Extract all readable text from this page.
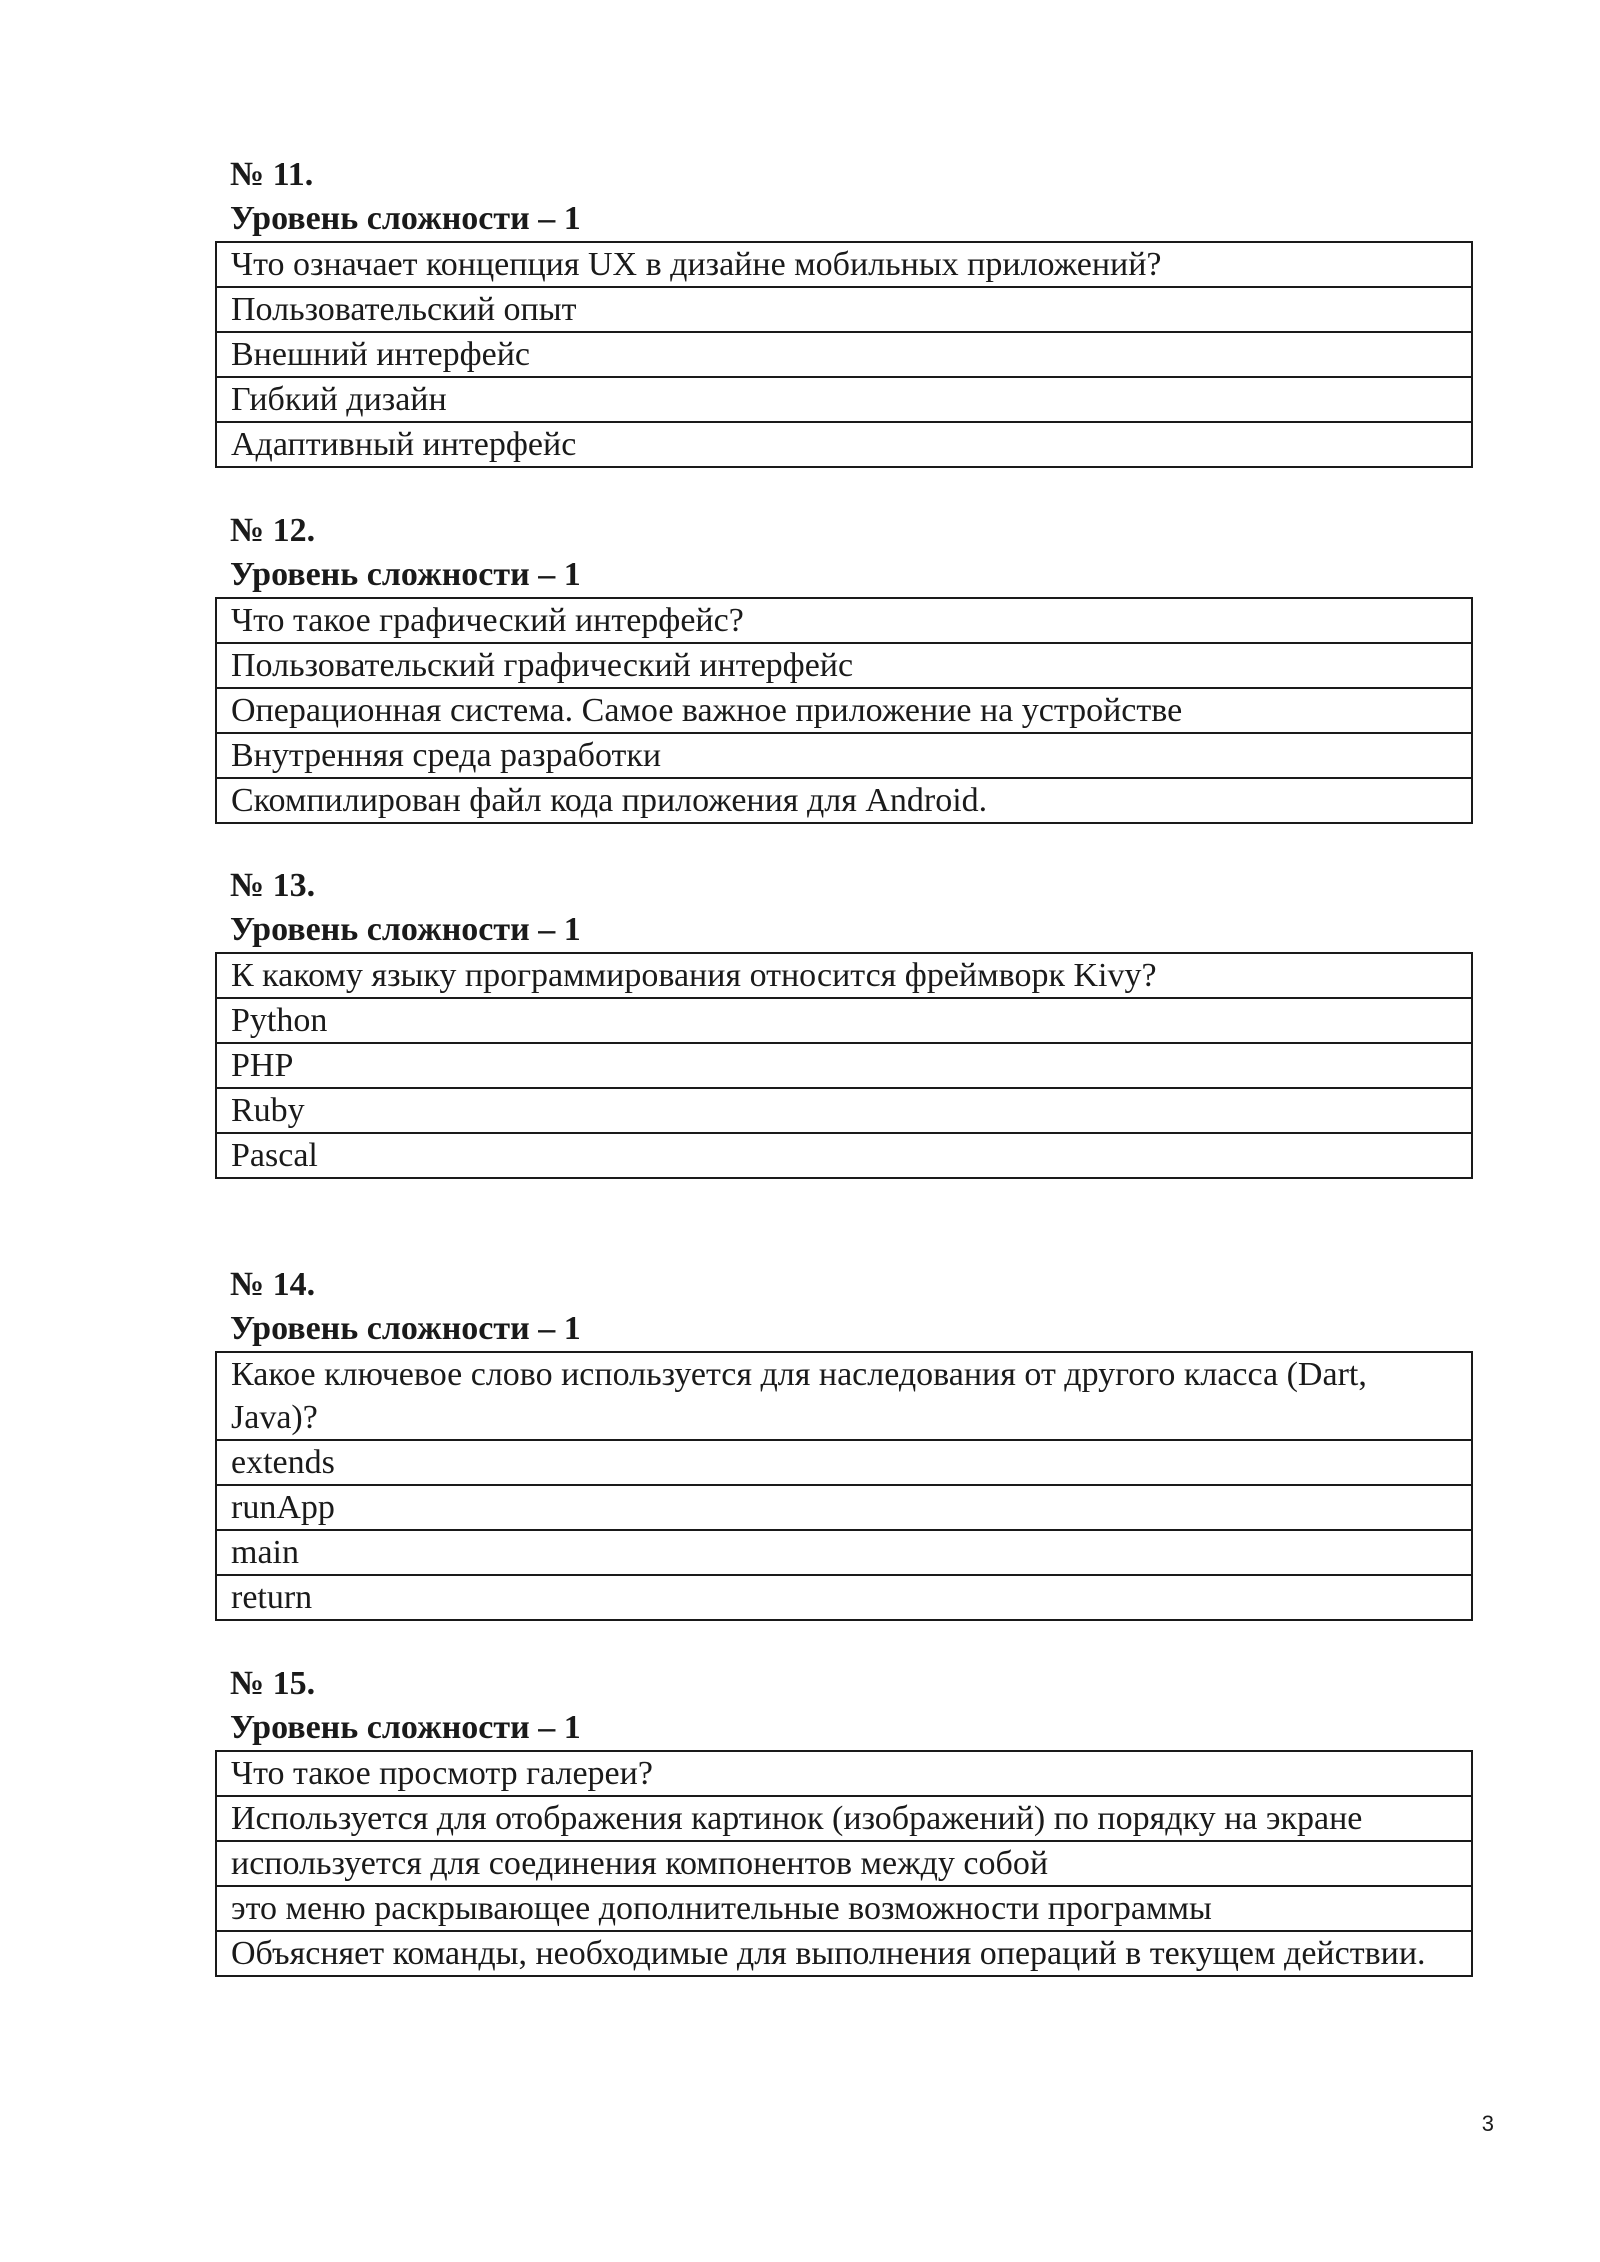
№ 11.
Уровень сложности – 1
Что означает концепция UX в дизайне мобильных приложений?
Пользовательский опыт
Внешний интерфейс
Гибкий дизайн
Адаптивный интерфейс
№ 12.
Уровень сложности – 1
Что такое графический интерфейс?
Пользовательский графический интерфейс
Операционная система. Самое важное приложение на устройстве
Внутренняя среда разработки
Скомпилирован файл кода приложения для Android.
№ 13.
Уровень сложности – 1
К какому языку программирования относится фреймворк Kivy?
Python
PHP
Ruby
Pascal
№ 14.
Уровень сложности – 1
Какое ключевое слово используется для наследования от другого класса (Dart, Java)?
extends
runApp
main
return
№ 15.
Уровень сложности – 1
Что такое просмотр галереи?
Используется для отображения картинок (изображений) по порядку на экране
используется для соединения компонентов между собой
это меню раскрывающее дополнительные возможности программы
Объясняет команды, необходимые для выполнения операций в текущем действии.
3
